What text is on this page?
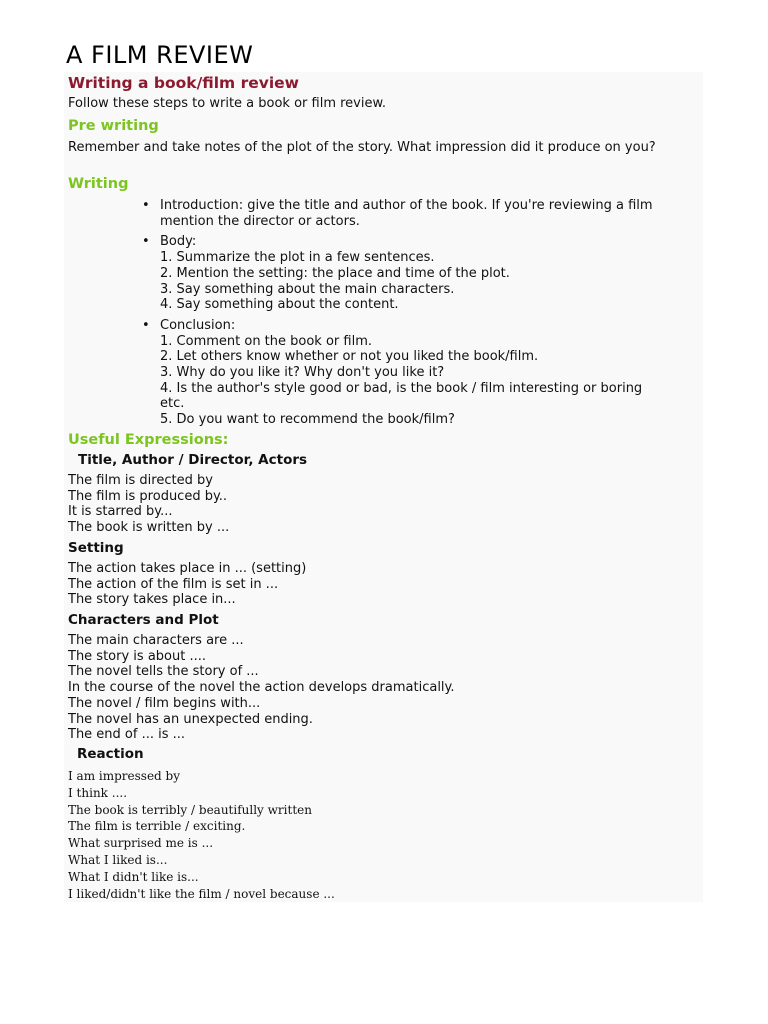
A FILM REVIEW
Writing a book/film review

Follow these steps to write a book or film review.

Pre writing

Remember and take notes of the plot of the story. What impression did it produce on you?

Writing
• Introduction: give the title and author of the book. If you're reviewing a film
mention the director or actors.
• Body:
1. Summarize the plot in a few sentences.
2. Mention the setting: the place and time of the plot.
3. Say something about the main characters.
4. Say something about the content.
• Conclusion:
1. Comment on the book or film.
2. Let others know whether or not you liked the book/film.
3. Why do you like it? Why don't you like it?
4. Is the author's style good or bad, is the book / film interesting or boring
etc.
5. Do you want to recommend the book/film?
Useful Expressions:
Title, Author / Director, Actors
The film is directed by
The film is produced by..
It is starred by...
The book is written by ...
Setting
The action takes place in ... (setting)
The action of the film is set in ...
The story takes place in...
Characters and Plot
The main characters are ...
The story is about ....
The novel tells the story of ...
In the course of the novel the action develops dramatically.
The novel / film begins with...
The novel has an unexpected ending.
The end of ... is ...
Reaction
I am impressed by
I think ....
The book is terribly / beautifully written
The film is terrible / exciting.
What surprised me is ...
What I liked is...
What I didn't like is...
I liked/didn't like the film / novel because ...
